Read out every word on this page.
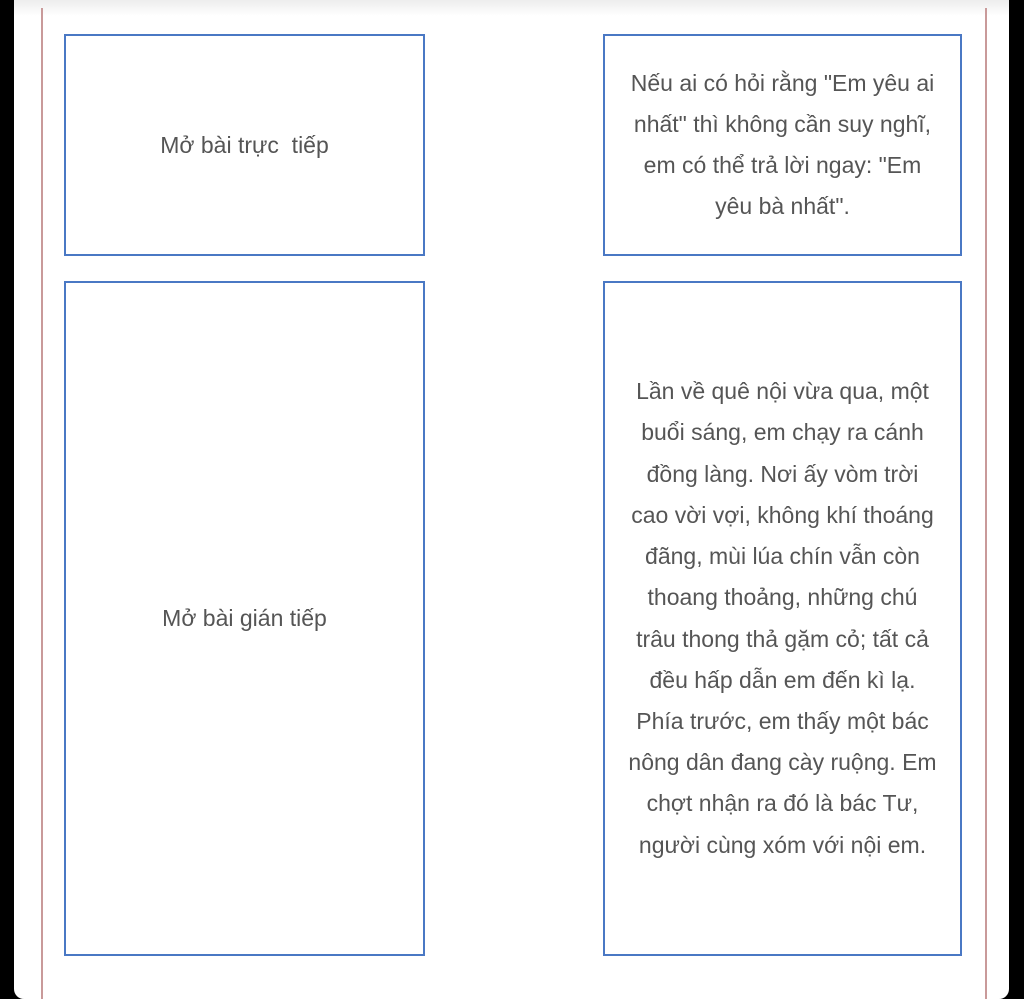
Mở bài trực  tiếp
Nếu ai có hỏi rằng "Em yêu ai nhất" thì không cần suy nghĩ, em có thể trả lời ngay: "Em yêu bà nhất".
Mở bài gián tiếp
Lần về quê nội vừa qua, một buổi sáng, em chạy ra cánh đồng làng. Nơi ấy vòm trời cao vời vợi, không khí thoáng đãng, mùi lúa chín vẫn còn thoang thoảng, những chú trâu thong thả gặm cỏ; tất cả đều hấp dẫn em đến kì lạ. Phía trước, em thấy một bác nông dân đang cày ruộng. Em chợt nhận ra đó là bác Tư, người cùng xóm với nội em.
